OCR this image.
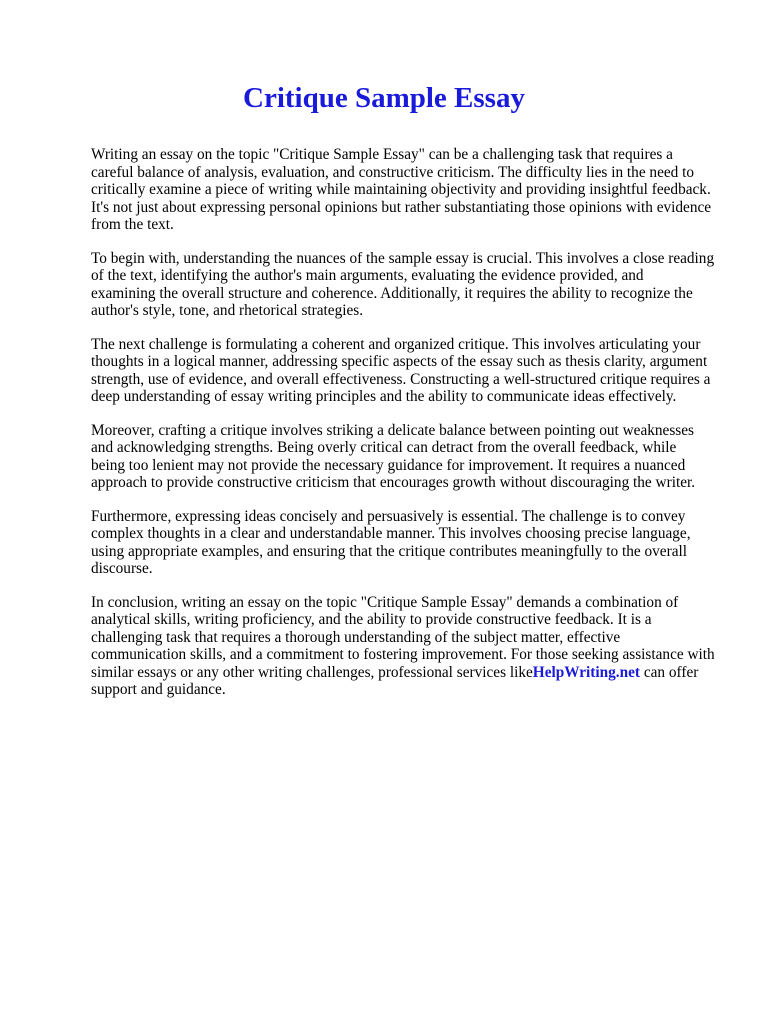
Critique Sample Essay

Writing an essay on the topic "Critique Sample Essay" can be a challenging task that requires a
careful balance of analysis, evaluation, and constructive criticism. The difficulty lies in the need to
critically examine a piece of writing while maintaining objectivity and providing insightful feedback.
It's not just about expressing personal opinions but rather substantiating those opinions with evidence
from the text.

To begin with, understanding the nuances of the sample essay is crucial. This involves a close reading
of the text, identifying the author's main arguments, evaluating the evidence provided, and
examining the overall structure and coherence. Additionally, it requires the ability to recognize the
author's style, tone, and rhetorical strategies.

The next challenge is formulating a coherent and organized critique. This involves articulating your
thoughts in a logical manner, addressing specific aspects of the essay such as thesis clarity, argument
strength, use of evidence, and overall effectiveness. Constructing a well-structured critique requires a
deep understanding of essay writing principles and the ability to communicate ideas effectively.

Moreover, crafting a critique involves striking a delicate balance between pointing out weaknesses
and acknowledging strengths. Being overly critical can detract from the overall feedback, while
being too lenient may not provide the necessary guidance for improvement. It requires a nuanced
approach to provide constructive criticism that encourages growth without discouraging the writer.

Furthermore, expressing ideas concisely and persuasively is essential. The challenge is to convey
complex thoughts in a clear and understandable manner. This involves choosing precise language,
using appropriate examples, and ensuring that the critique contributes meaningfully to the overall
discourse.

In conclusion, writing an essay on the topic "Critique Sample Essay" demands a combination of
analytical skills, writing proficiency, and the ability to provide constructive feedback. It is a
challenging task that requires a thorough understanding of the subject matter, effective
communication skills, and a commitment to fostering improvement. For those seeking assistance with
similar essays or any other writing challenges, professional services likeHelpWriting.net can offer
support and guidance.
